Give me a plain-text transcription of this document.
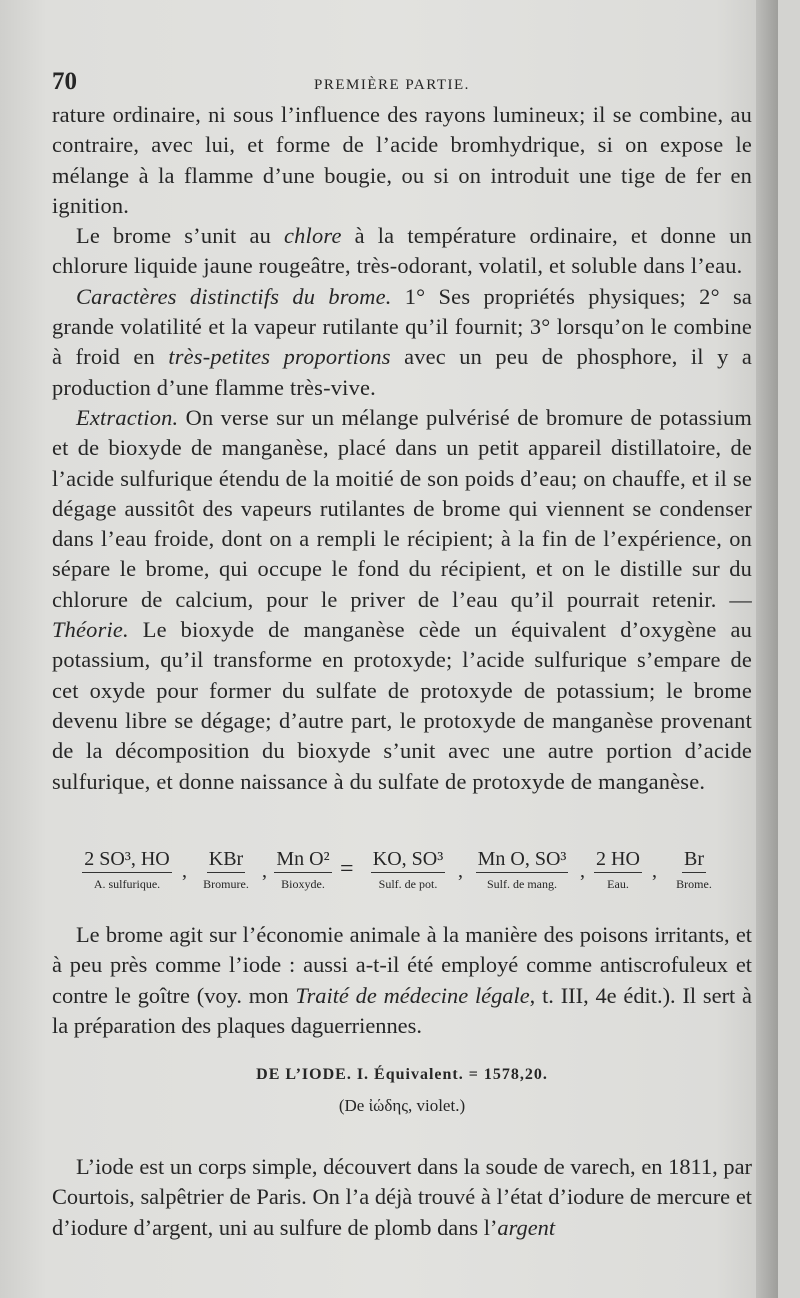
70	PREMIÈRE PARTIE.

rature ordinaire, ni sous l’influence des rayons lumineux; il se combine, au contraire, avec lui, et forme de l’acide bromhydrique, si on expose le mélange à la flamme d’une bougie, ou si on introduit une tige de fer en ignition.

Le brome s’unit au chlore à la température ordinaire, et donne un chlorure liquide jaune rougeâtre, très-odorant, volatil, et soluble dans l’eau.

Caractères distinctifs du brome. 1° Ses propriétés physiques; 2° sa grande volatilité et la vapeur rutilante qu’il fournit; 3° lorsqu’on le combine à froid en très-petites proportions avec un peu de phosphore, il y a production d’une flamme très-vive.

Extraction. On verse sur un mélange pulvérisé de bromure de potassium et de bioxyde de manganèse, placé dans un petit appareil distillatoire, de l’acide sulfurique étendu de la moitié de son poids d’eau; on chauffe, et il se dégage aussitôt des vapeurs rutilantes de brome qui viennent se condenser dans l’eau froide, dont on a rempli le récipient; à la fin de l’expérience, on sépare le brome, qui occupe le fond du récipient, et on le distille sur du chlorure de calcium, pour le priver de l’eau qu’il pourrait retenir. — Théorie. Le bioxyde de manganèse cède un équivalent d’oxygène au potassium, qu’il transforme en protoxyde; l’acide sulfurique s’empare de cet oxyde pour former du sulfate de protoxyde de potassium; le brome devenu libre se dégage; d’autre part, le protoxyde de manganèse provenant de la décomposition du bioxyde s’unit avec une autre portion d’acide sulfurique, et donne naissance à du sulfate de protoxyde de manganèse.

2 SO³, HO
A. sulfurique.
,
KBr
Bromure.
,
Mn O²
Bioxyde.
= KO, SO³
Sulf. de pot.
,
Mn O, SO³
Sulf. de mang.
,
2 HO
Eau.
,
Br
Brome.

Le brome agit sur l’économie animale à la manière des poisons irritants, et à peu près comme l’iode : aussi a-t-il été employé comme antiscrofuleux et contre le goître (voy. mon Traité de médecine légale, t. III, 4e édit.). Il sert à la préparation des plaques daguerriennes.

DE L’IODE. I. Équivalent. = 1578,20.
(De ἰώδης, violet.)

L’iode est un corps simple, découvert dans la soude de varech, en 1811, par Courtois, salpêtrier de Paris. On l’a déjà trouvé à l’état d’iodure de mercure et d’iodure d’argent, uni au sulfure de plomb dans l’argent
